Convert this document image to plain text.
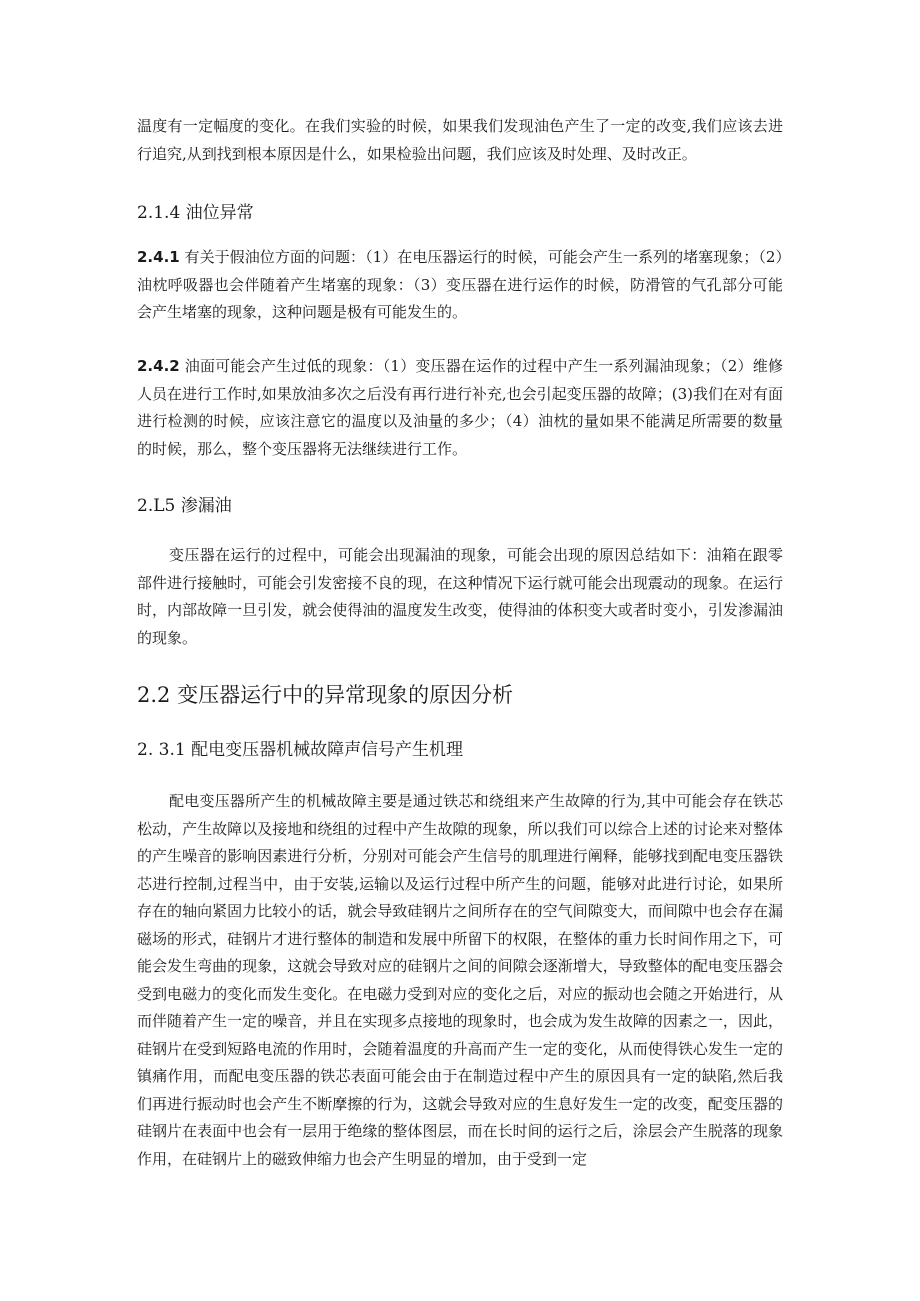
温度有一定幅度的变化。在我们实验的时候，如果我们发现油色产生了一定的改变,我们应该去进行追究,从到找到根本原因是什么，如果检验出问题，我们应该及时处理、及时改正。

2.1.4 油位异常

2.4.1 有关于假油位方面的问题：（1）在电压器运行的时候，可能会产生一系列的堵塞现象；（2）油枕呼吸器也会伴随着产生堵塞的现象：（3）变压器在进行运作的时候，防滑管的气孔部分可能会产生堵塞的现象，这种问题是极有可能发生的。

2.4.2 油面可能会产生过低的现象：（1）变压器在运作的过程中产生一系列漏油现象；（2）维修人员在进行工作时,如果放油多次之后没有再行进行补充,也会引起变压器的故障；(3)我们在对有面进行检测的时候，应该注意它的温度以及油量的多少；（4）油枕的量如果不能满足所需要的数量的时候，那么，整个变压器将无法继续进行工作。

2.L5 渗漏油

变压器在运行的过程中，可能会出现漏油的现象，可能会出现的原因总结如下：油箱在跟零部件进行接触时，可能会引发密接不良的现，在这种情况下运行就可能会出现震动的现象。在运行时，内部故障一旦引发，就会使得油的温度发生改变，使得油的体积变大或者时变小，引发渗漏油的现象。

2.2 变压器运行中的异常现象的原因分析
2. 3.1 配电变压器机械故障声信号产生机理

配电变压器所产生的机械故障主要是通过铁芯和绕组来产生故障的行为,其中可能会存在铁芯松动，产生故障以及接地和绕组的过程中产生故隙的现象，所以我们可以综合上述的讨论来对整体的产生噪音的影响因素进行分析，分别对可能会产生信号的肌理进行阐释，能够找到配电变压器铁芯进行控制,过程当中，由于安装,运输以及运行过程中所产生的问题，能够对此进行讨论，如果所存在的轴向紧固力比较小的话，就会导致硅钢片之间所存在的空气间隙变大，而间隙中也会存在漏磁场的形式，硅钢片才进行整体的制造和发展中所留下的权限，在整体的重力长时间作用之下，可能会发生弯曲的现象，这就会导致对应的硅钢片之间的间隙会逐渐增大，导致整体的配电变压器会受到电磁力的变化而发生变化。在电磁力受到对应的变化之后，对应的振动也会随之开始进行，从而伴随着产生一定的噪音，并且在实现多点接地的现象时，也会成为发生故障的因素之一，因此，硅钢片在受到短路电流的作用时，会随着温度的升高而产生一定的变化，从而使得铁心发生一定的镇痛作用，而配电变压器的铁芯表面可能会由于在制造过程中产生的原因具有一定的缺陷,然后我们再进行振动时也会产生不断摩擦的行为，这就会导致对应的生息好发生一定的改变，配变压器的硅钢片在表面中也会有一层用于绝缘的整体图层，而在长时间的运行之后，涂层会产生脱落的现象作用，在硅钢片上的磁致伸缩力也会产生明显的增加，由于受到一定
